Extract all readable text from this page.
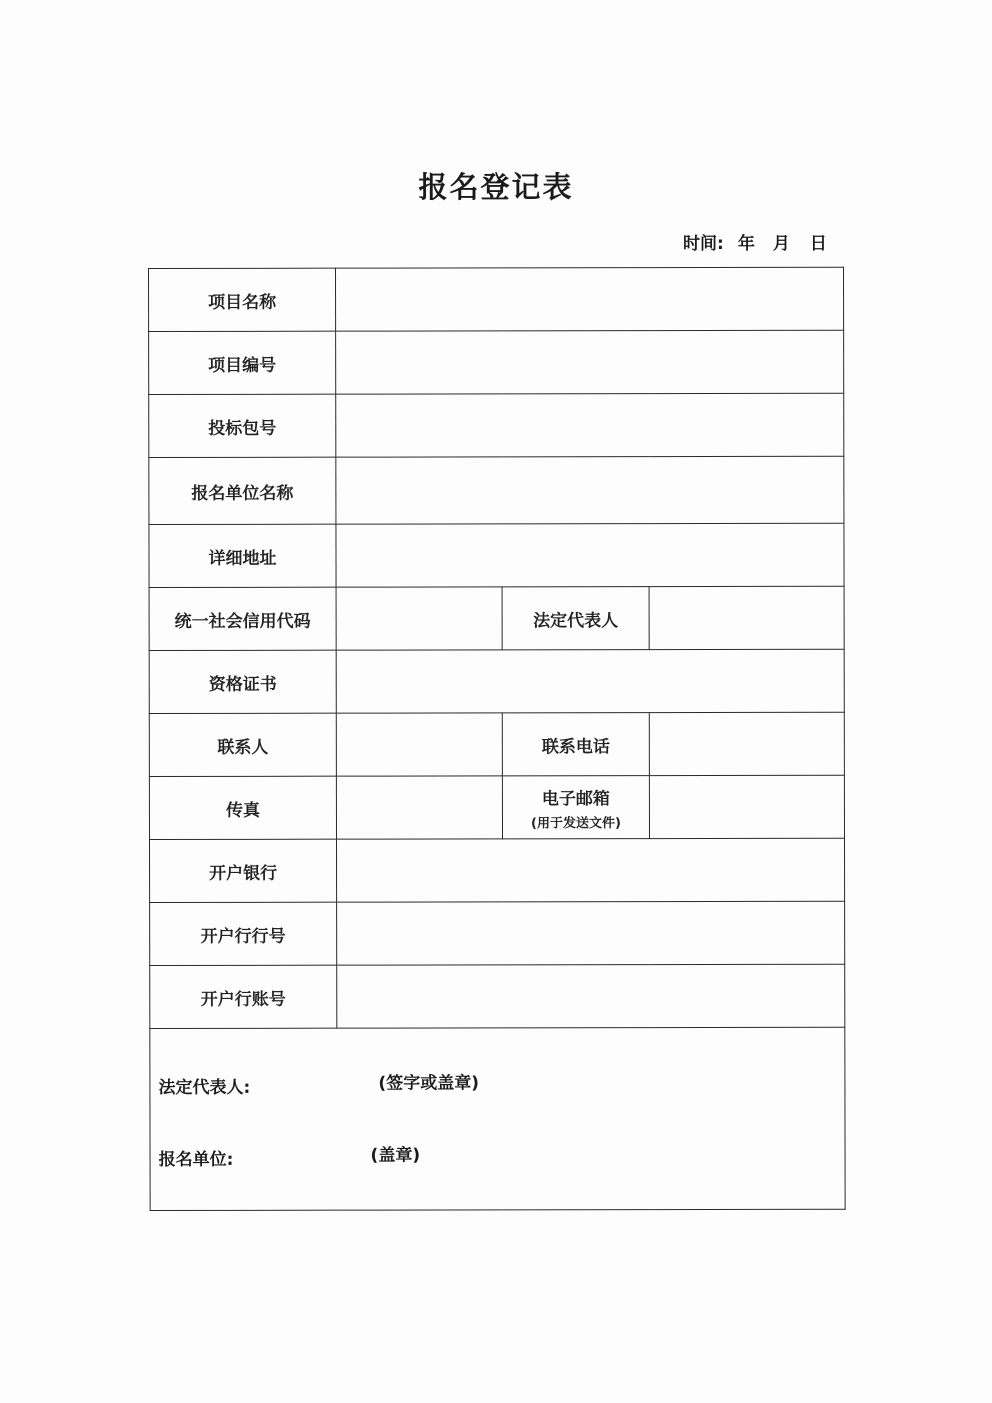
报名登记表
时间: 年 月 日
项目名称			
项目编号			
投标包号			
报名单位名称			
详细地址			
统一社会信用代码		法定代表人	
资格证书			
联系人		联系电话	
传真		电子邮箱
(用于发送文件)	

开户银行			
开户行行号			
开户行账号			

法定代表人: (签字或盖章)
报名单位: (盖章)			
